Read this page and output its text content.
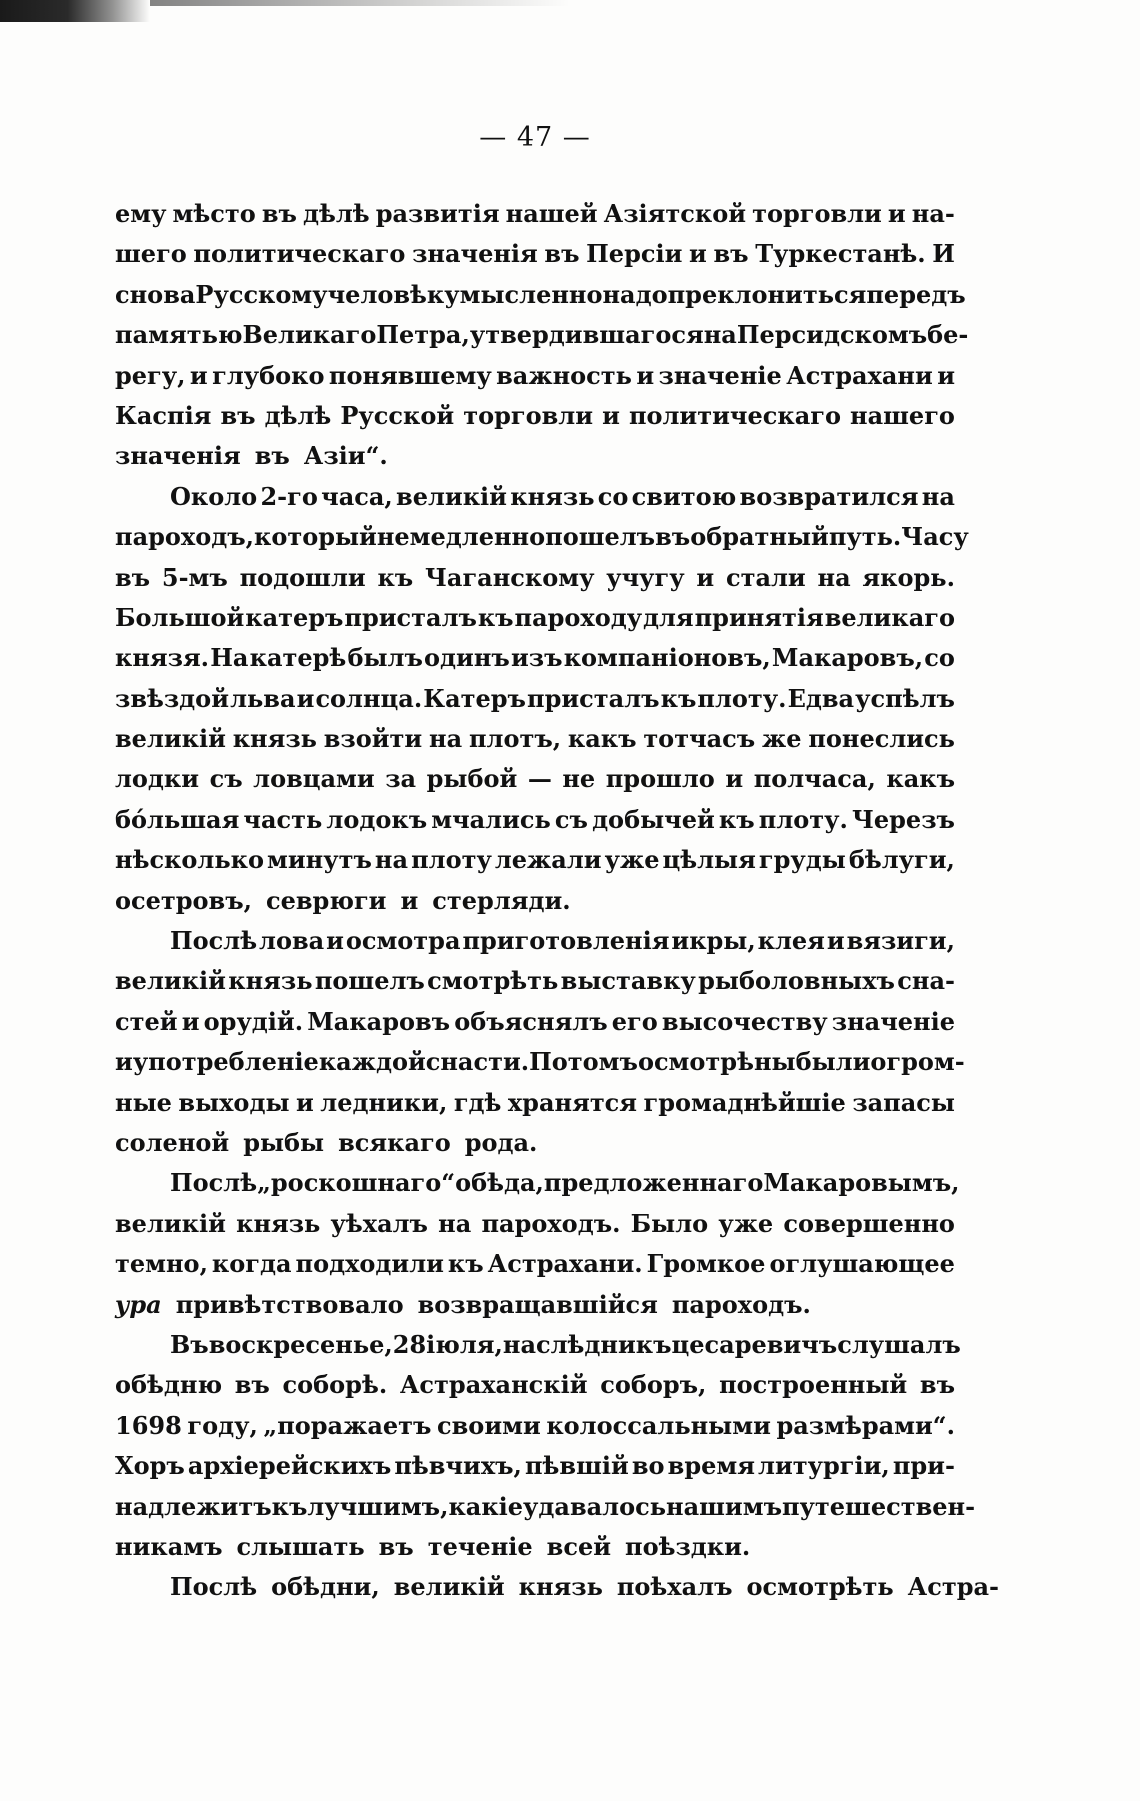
— 47 —
ему мѣсто въ дѣлѣ развитія нашей Азіятской торговли и на-
шего политическаго значенія въ Персіи и въ Туркестанѣ. И
снова Русскому человѣку мысленно надо преклониться передъ
памятью Великаго Петра, утвердившагося на Персидскомъ бе-
регу, и глубоко понявшему важность и значеніе Астрахани и
Каспія въ дѣлѣ Русской торговли и политическаго нашего
значенія въ Азіи“.
Около 2-го часа, великій князь со свитою возвратился на
пароходъ, который немедленно пошелъ въ обратный путь. Часу
въ 5-мъ подошли къ Чаганскому учугу и стали на якорь.
Большой катеръ присталъ къ пароходу для принятія великаго
князя. На катерѣ былъ одинъ изъ компаніоновъ, Макаровъ, со
звѣздой льва и солнца. Катеръ присталъ къ плоту. Едва успѣлъ
великій князь взойти на плотъ, какъ тотчасъ же понеслись
лодки съ ловцами за рыбой — не прошло и полчаса, какъ
бóльшая часть лодокъ мчались съ добычей къ плоту. Черезъ
нѣсколько минутъ на плоту лежали уже цѣлыя груды бѣлуги,
осетровъ, севрюги и стерляди.
Послѣ лова и осмотра приготовленія икры, клея и вязиги,
великій князь пошелъ смотрѣть выставку рыболовныхъ сна-
стей и орудій. Макаровъ объяснялъ его высочеству значеніе
и употребленіе каждой снасти. Потомъ осмотрѣны были огром-
ные выходы и ледники, гдѣ хранятся громаднѣйшіе запасы
соленой рыбы всякаго рода.
Послѣ „роскошнаго“ обѣда, предложеннаго Макаровымъ,
великій князь уѣхалъ на пароходъ. Было уже совершенно
темно, когда подходили къ Астрахани. Громкое оглушающее
ура привѣтствовало возвращавшійся пароходъ.
Въ воскресенье, 28 іюля, наслѣдникъ цесаревичъ слушалъ
обѣдню въ соборѣ. Астраханскій соборъ, построенный въ
1698 году, „поражаетъ своими колоссальными размѣрами“.
Хоръ архіерейскихъ пѣвчихъ, пѣвшій во время литургіи, при-
надлежитъ къ лучшимъ, какіе удавалось нашимъ путешествен-
никамъ слышать въ теченіе всей поѣздки.
Послѣ обѣдни, великій князь поѣхалъ осмотрѣть Астра-
